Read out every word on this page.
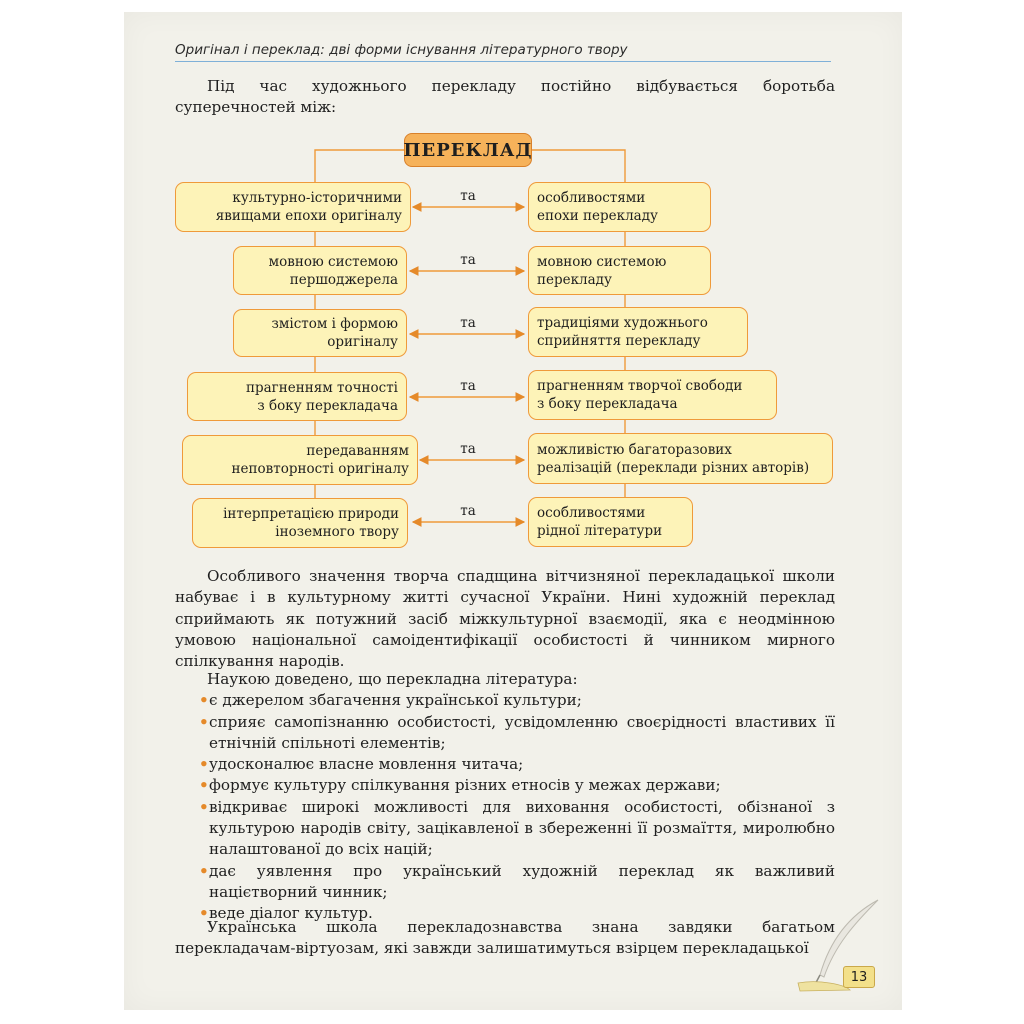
Оригінал і переклад: дві форми існування літературного твору

Під час художнього перекладу постійно відбувається боротьба суперечностей між:

ПЕРЕКЛАД
культурно-історичними
явищами епохи оригіналу
та	особливостями
епохи перекладу
мовною системою
першоджерела
та	мовною системою
перекладу
змістом і формою
оригіналу
та	традиціями художнього
сприйняття перекладу
прагненням точності
з боку перекладача
та	прагненням творчої свободи
з боку перекладача
передаванням
неповторності оригіналу
та	можливістю багаторазових
реалізацій (переклади різних авторів)
інтерпретацією природи
іноземного твору
та	особливостями
рідної літератури

Особливого значення творча спадщина вітчизняної перекладацької школи набуває і в культурному житті сучасної України. Нині художній переклад сприймають як потужний засіб міжкультурної взаємодії, яка є неодмінною умовою національної самоідентифікації особистості й чинником мирного спілкування народів.

Наукою доведено, що перекладна література:
• є джерелом збагачення української культури;
• сприяє самопізнанню особистості, усвідомленню своєрідності властивих її етнічній спільноті елементів;
• удосконалює власне мовлення читача;
• формує культуру спілкування різних етносів у межах держави;
• відкриває широкі можливості для виховання особистості, обізнаної з культурою народів світу, зацікавленої в збереженні її розмаїття, миролюбно налаштованої до всіх націй;
• дає уявлення про український художній переклад як важливий націєтворний чинник;
• веде діалог культур.

Українська школа перекладознавства знана завдяки багатьом перекладачам-віртуозам, які завжди залишатимуться взірцем перекладацької

13
